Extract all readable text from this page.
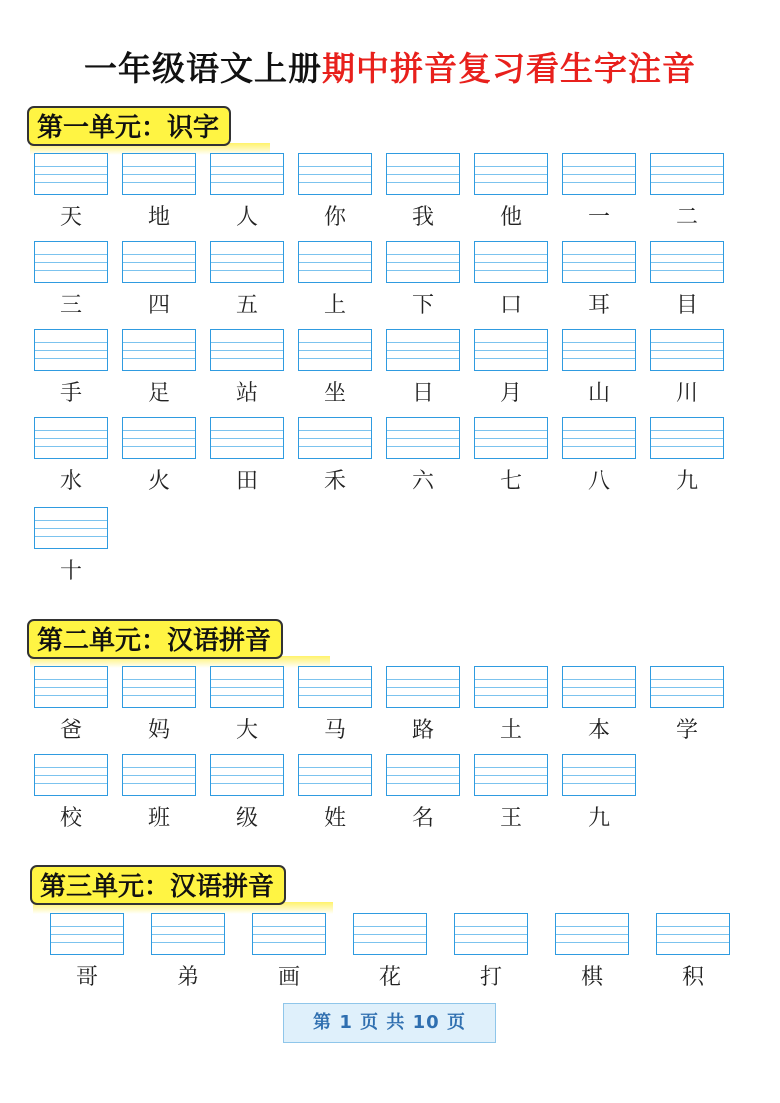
一年级语文上册期中拼音复习看生字注音
第一单元：识字
天	地	人	你	我	他	一	二
三	四	五	上	下	口	耳	目
手	足	站	坐	日	月	山	川
水	火	田	禾	六	七	八	九
十
第二单元：汉语拼音
爸	妈	大	马	路	土	本	学
校	班	级	姓	名	王	九
第三单元：汉语拼音
哥	弟	画	花	打	棋	积
第 1 页 共 10 页
